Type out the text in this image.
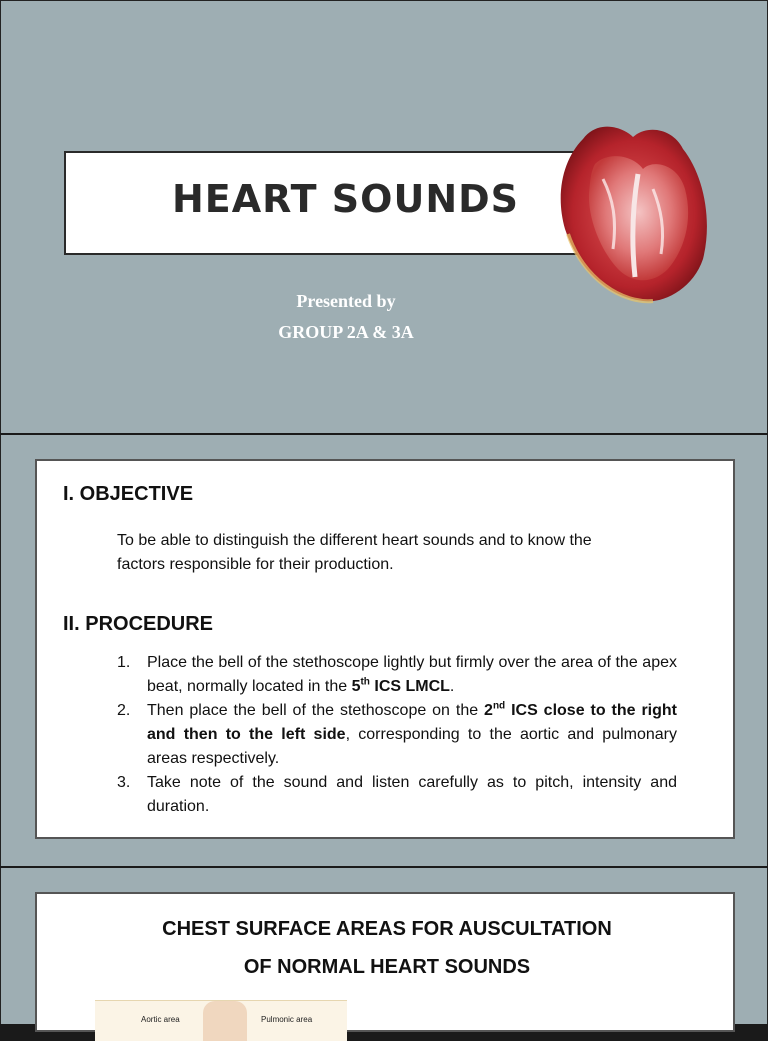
HEART SOUNDS
Presented by
GROUP 2A & 3A
I. OBJECTIVE
To be able to distinguish the different heart sounds and to know the
factors responsible for their production.
II. PROCEDURE
1. Place the bell of the stethoscope lightly but firmly over the area of the apex beat, normally located in the 5th ICS LMCL.
2. Then place the bell of the stethoscope on the 2nd ICS close to the right and then to the left side, corresponding to the aortic and pulmonary areas respectively.
3. Take note of the sound and listen carefully as to pitch, intensity and duration.
CHEST SURFACE AREAS FOR AUSCULTATION
OF NORMAL HEART SOUNDS
Aortic area	Pulmonic area
